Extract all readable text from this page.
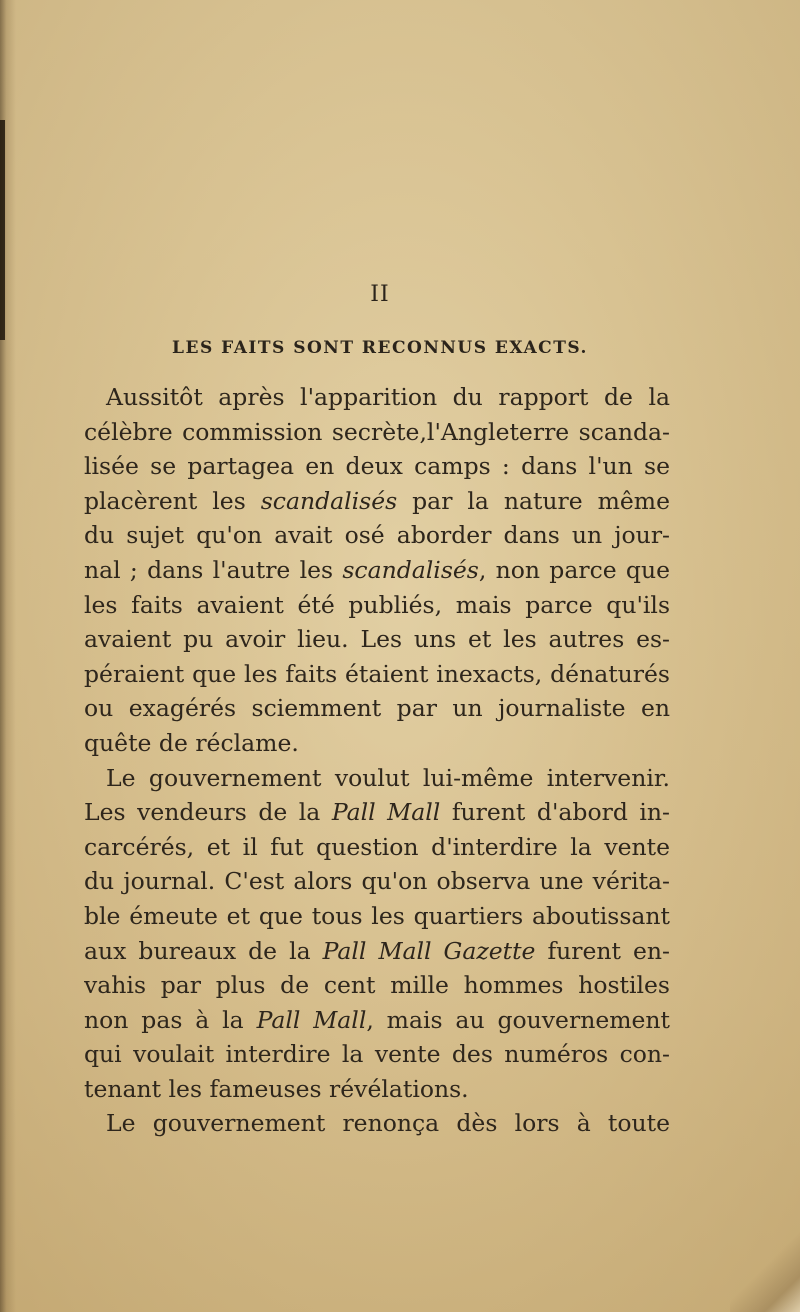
II
LES FAITS SONT RECONNUS EXACTS.
Aussitôt après l'apparition du rapport de la
célèbre commission secrète,l'Angleterre scanda-
lisée se partagea en deux camps : dans l'un se
placèrent les scandalisés par la nature même
du sujet qu'on avait osé aborder dans un jour-
nal ; dans l'autre les scandalisés, non parce que
les faits avaient été publiés, mais parce qu'ils
avaient pu avoir lieu. Les uns et les autres es-
péraient que les faits étaient inexacts, dénaturés
ou exagérés sciemment par un journaliste en
quête de réclame.
Le gouvernement voulut lui-même intervenir.
Les vendeurs de la Pall Mall furent d'abord in-
carcérés, et il fut question d'interdire la vente
du journal. C'est alors qu'on observa une vérita-
ble émeute et que tous les quartiers aboutissant
aux bureaux de la Pall Mall Gazette furent en-
vahis par plus de cent mille hommes hostiles
non pas à la Pall Mall, mais au gouvernement
qui voulait interdire la vente des numéros con-
tenant les fameuses révélations.
Le gouvernement renonça dès lors à toute
